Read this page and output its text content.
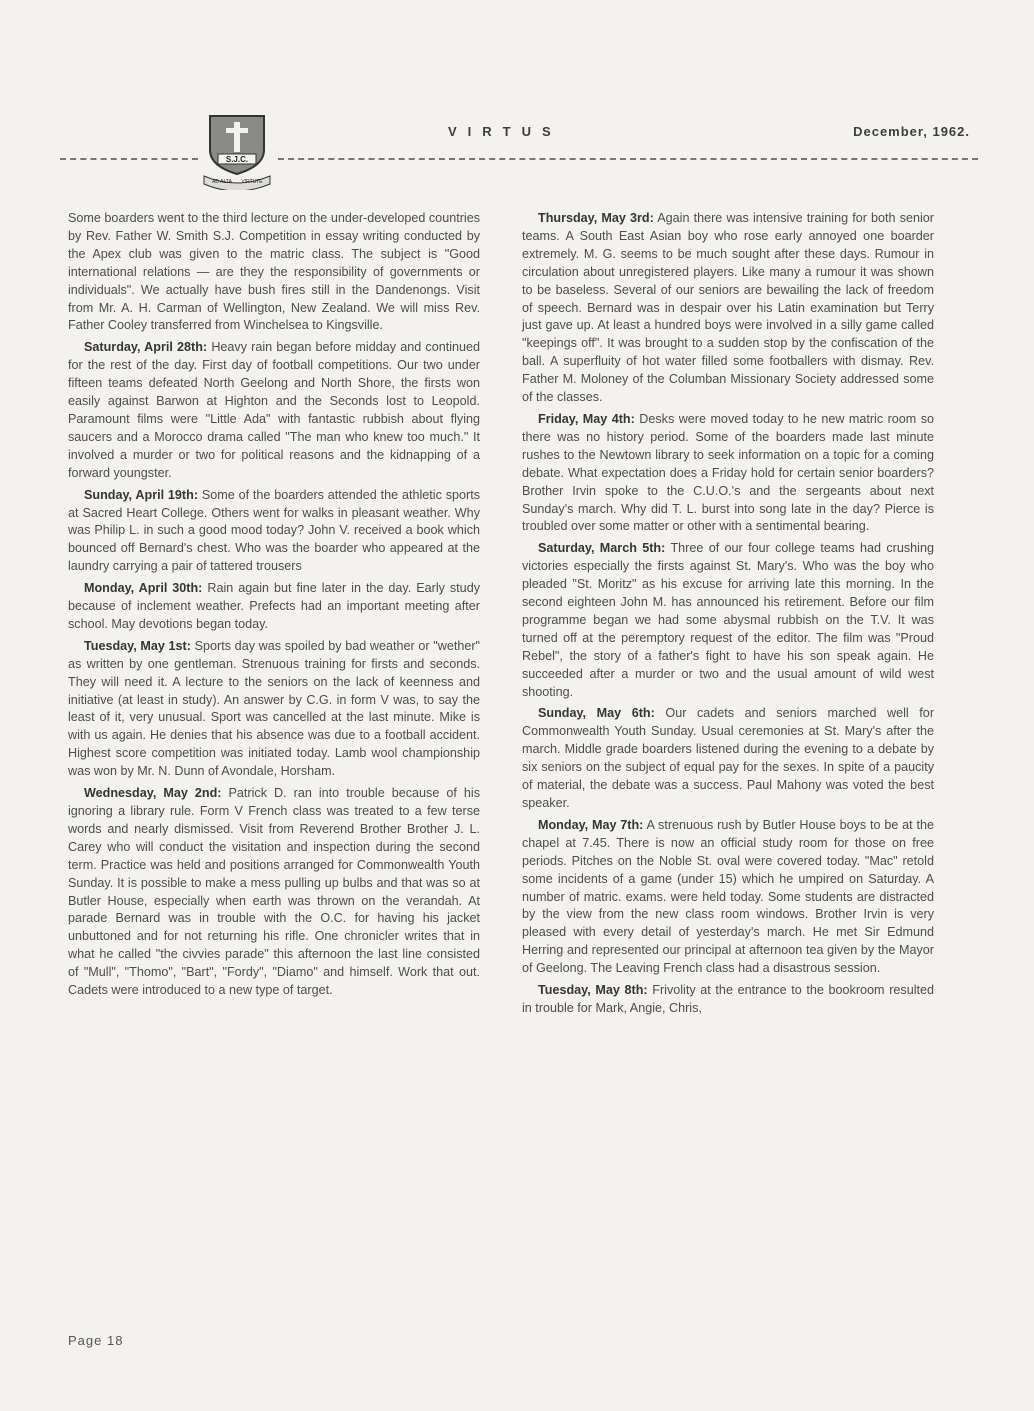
S.J.C.
AD ALTA VIRTUTE
VIRTUS	December, 1962.

Some boarders went to the third lecture on the under-developed countries by Rev. Father W. Smith S.J. Competition in essay writing conducted by the Apex club was given to the matric class. The subject is "Good international relations — are they the responsibility of governments or individuals". We actually have bush fires still in the Dandenongs. Visit from Mr. A. H. Carman of Wellington, New Zealand. We will miss Rev. Father Cooley transferred from Winchelsea to Kingsville.

Saturday, April 28th: Heavy rain began before midday and continued for the rest of the day. First day of football competitions. Our two under fifteen teams defeated North Geelong and North Shore, the firsts won easily against Barwon at Highton and the Seconds lost to Leopold. Paramount films were "Little Ada" with fantastic rubbish about flying saucers and a Morocco drama called "The man who knew too much." It involved a murder or two for political reasons and the kidnapping of a forward youngster.

Sunday, April 19th: Some of the boarders attended the athletic sports at Sacred Heart College. Others went for walks in pleasant weather. Why was Philip L. in such a good mood today? John V. received a book which bounced off Bernard's chest. Who was the boarder who appeared at the laundry carrying a pair of tattered trousers

Monday, April 30th: Rain again but fine later in the day. Early study because of inclement weather. Prefects had an important meeting after school. May devotions began today.

Tuesday, May 1st: Sports day was spoiled by bad weather or "wether" as written by one gentleman. Strenuous training for firsts and seconds. They will need it. A lecture to the seniors on the lack of keenness and initiative (at least in study). An answer by C.G. in form V was, to say the least of it, very unusual. Sport was cancelled at the last minute. Mike is with us again. He denies that his absence was due to a football accident. Highest score competition was initiated today. Lamb wool championship was won by Mr. N. Dunn of Avondale, Horsham.

Wednesday, May 2nd: Patrick D. ran into trouble because of his ignoring a library rule. Form V French class was treated to a few terse words and nearly dismissed. Visit from Reverend Brother Brother J. L. Carey who will conduct the visitation and inspection during the second term. Practice was held and positions arranged for Commonwealth Youth Sunday. It is possible to make a mess pulling up bulbs and that was so at Butler House, especially when earth was thrown on the verandah. At parade Bernard was in trouble with the O.C. for having his jacket unbuttoned and for not returning his rifle. One chronicler writes that in what he called "the civvies parade" this afternoon the last line consisted of "Mull", "Thomo", "Bart", "Fordy", "Diamo" and himself. Work that out. Cadets were introduced to a new type of target.

Thursday, May 3rd: Again there was intensive training for both senior teams. A South East Asian boy who rose early annoyed one boarder extremely. M. G. seems to be much sought after these days. Rumour in circulation about unregistered players. Like many a rumour it was shown to be baseless. Several of our seniors are bewailing the lack of freedom of speech. Bernard was in despair over his Latin examination but Terry just gave up. At least a hundred boys were involved in a silly game called "keepings off". It was brought to a sudden stop by the confiscation of the ball. A superfluity of hot water filled some footballers with dismay. Rev. Father M. Moloney of the Columban Missionary Society addressed some of the classes.

Friday, May 4th: Desks were moved today to he new matric room so there was no history period. Some of the boarders made last minute rushes to the Newtown library to seek information on a topic for a coming debate. What expectation does a Friday hold for certain senior boarders? Brother Irvin spoke to the C.U.O.'s and the sergeants about next Sunday's march. Why did T. L. burst into song late in the day? Pierce is troubled over some matter or other with a sentimental bearing.

Saturday, March 5th: Three of our four college teams had crushing victories especially the firsts against St. Mary's. Who was the boy who pleaded "St. Moritz" as his excuse for arriving late this morning. In the second eighteen John M. has announced his retirement. Before our film programme began we had some abysmal rubbish on the T.V. It was turned off at the peremptory request of the editor. The film was "Proud Rebel", the story of a father's fight to have his son speak again. He succeeded after a murder or two and the usual amount of wild west shooting.

Sunday, May 6th: Our cadets and seniors marched well for Commonwealth Youth Sunday. Usual ceremonies at St. Mary's after the march. Middle grade boarders listened during the evening to a debate by six seniors on the subject of equal pay for the sexes. In spite of a paucity of material, the debate was a success. Paul Mahony was voted the best speaker.

Monday, May 7th: A strenuous rush by Butler House boys to be at the chapel at 7.45. There is now an official study room for those on free periods. Pitches on the Noble St. oval were covered today. "Mac" retold some incidents of a game (under 15) which he umpired on Saturday. A number of matric. exams. were held today. Some students are distracted by the view from the new class room windows. Brother Irvin is very pleased with every detail of yesterday's march. He met Sir Edmund Herring and represented our principal at afternoon tea given by the Mayor of Geelong. The Leaving French class had a disastrous session.

Tuesday, May 8th: Frivolity at the entrance to the bookroom resulted in trouble for Mark, Angie, Chris,

Page 18
